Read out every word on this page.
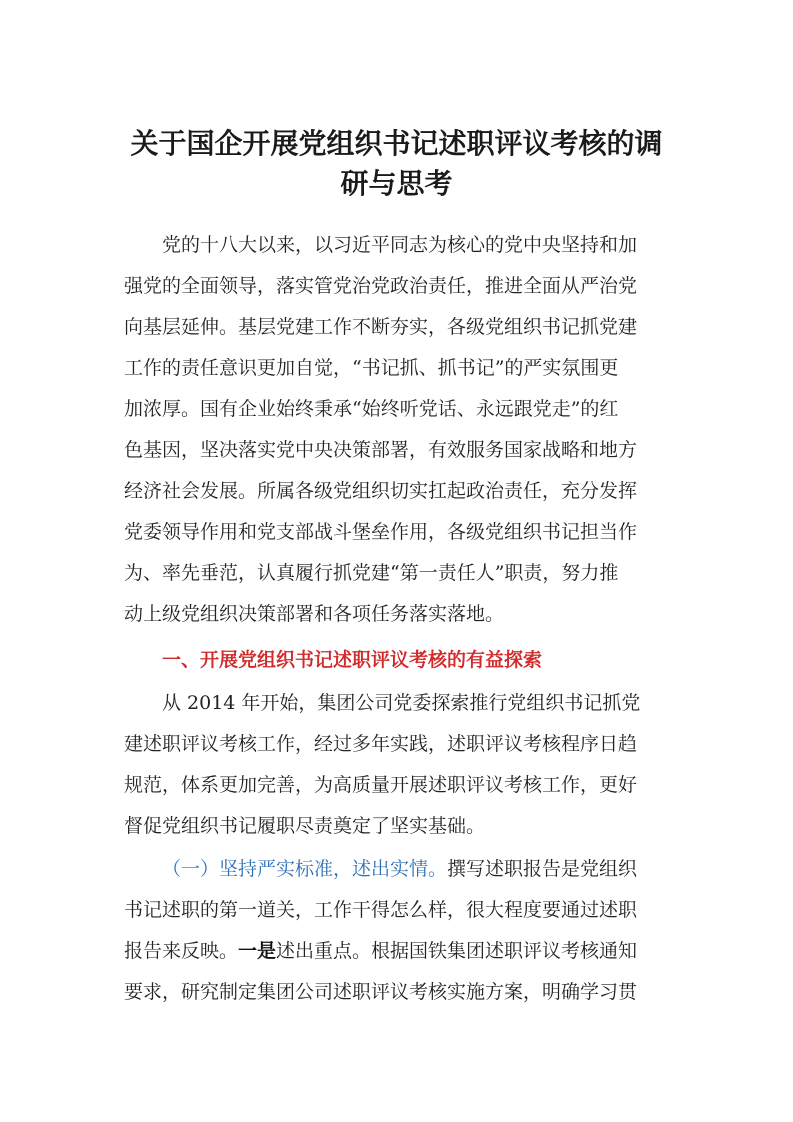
关于国企开展党组织书记述职评议考核的调
研与思考
党的十八大以来，以习近平同志为核心的党中央坚持和加
强党的全面领导，落实管党治党政治责任，推进全面从严治党
向基层延伸。基层党建工作不断夯实，各级党组织书记抓党建
工作的责任意识更加自觉，“书记抓、抓书记”的严实氛围更
加浓厚。国有企业始终秉承“始终听党话、永远跟党走”的红
色基因，坚决落实党中央决策部署，有效服务国家战略和地方
经济社会发展。所属各级党组织切实扛起政治责任，充分发挥
党委领导作用和党支部战斗堡垒作用，各级党组织书记担当作
为、率先垂范，认真履行抓党建“第一责任人”职责，努力推
动上级党组织决策部署和各项任务落实落地。
一、开展党组织书记述职评议考核的有益探索
从 2014 年开始，集团公司党委探索推行党组织书记抓党
建述职评议考核工作，经过多年实践，述职评议考核程序日趋
规范，体系更加完善，为高质量开展述职评议考核工作，更好
督促党组织书记履职尽责奠定了坚实基础。
（一）坚持严实标准，述出实情。撰写述职报告是党组织
书记述职的第一道关，工作干得怎么样，很大程度要通过述职
报告来反映。一是述出重点。根据国铁集团述职评议考核通知
要求，研究制定集团公司述职评议考核实施方案，明确学习贯
